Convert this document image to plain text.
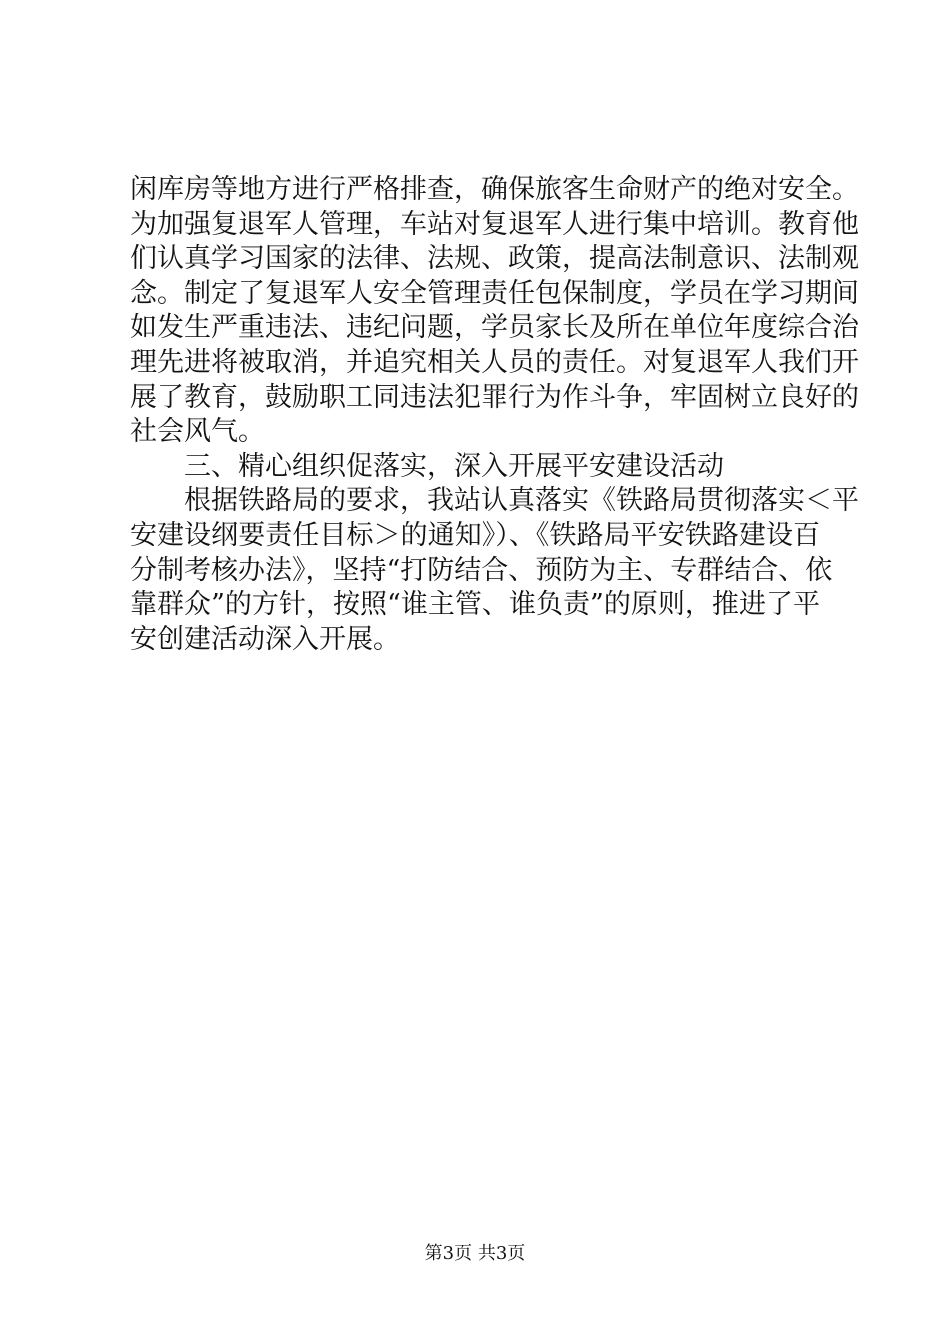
闲库房等地方进行严格排查，确保旅客生命财产的绝对安全。
为加强复退军人管理，车站对复退军人进行集中培训。教育他
们认真学习国家的法律、法规、政策，提高法制意识、法制观
念。制定了复退军人安全管理责任包保制度，学员在学习期间
如发生严重违法、违纪问题，学员家长及所在单位年度综合治
理先进将被取消，并追究相关人员的责任。对复退军人我们开
展了教育，鼓励职工同违法犯罪行为作斗争，牢固树立良好的
社会风气。
三、精心组织促落实，深入开展平安建设活动
根据铁路局的要求，我站认真落实《铁路局贯彻落实＜平
安建设纲要责任目标＞的通知》）、《铁路局平安铁路建设百
分制考核办法》，坚持“打防结合、预防为主、专群结合、依
靠群众”的方针，按照“谁主管、谁负责”的原则，推进了平
安创建活动深入开展。
第3页 共3页
